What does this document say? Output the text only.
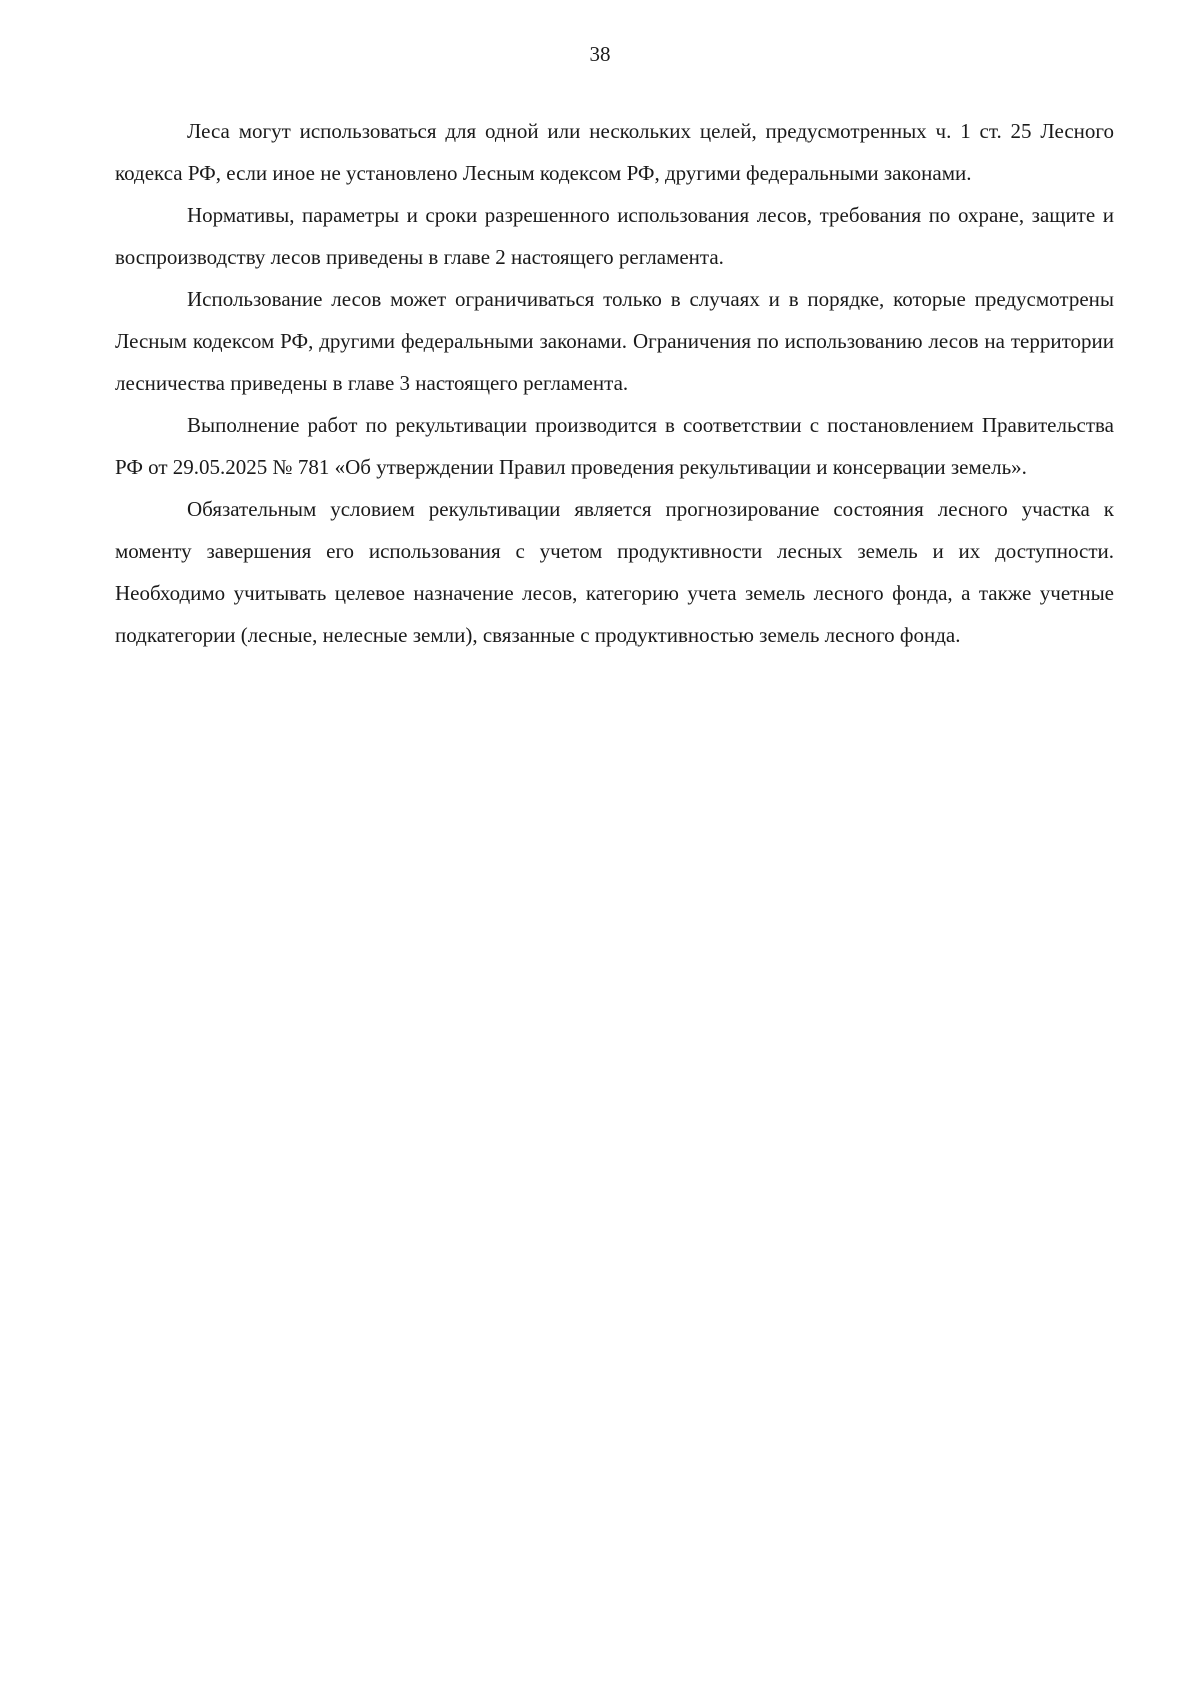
38

Леса могут использоваться для одной или нескольких целей, предусмотренных ч. 1 ст. 25 Лесного кодекса РФ, если иное не установлено Лесным кодексом РФ, другими федеральными законами.

Нормативы, параметры и сроки разрешенного использования лесов, требования по охране, защите и воспроизводству лесов приведены в главе 2 настоящего регламента.

Использование лесов может ограничиваться только в случаях и в порядке, которые предусмотрены Лесным кодексом РФ, другими федеральными законами. Ограничения по использованию лесов на территории лесничества приведены в главе 3 настоящего регламента.

Выполнение работ по рекультивации производится в соответствии с постановлением Правительства РФ от 29.05.2025 № 781 «Об утверждении Правил проведения рекультивации и консервации земель».

Обязательным условием рекультивации является прогнозирование состояния лесного участка к моменту завершения его использования с учетом продуктивности лесных земель и их доступности. Необходимо учитывать целевое назначение лесов, категорию учета земель лесного фонда, а также учетные подкатегории (лесные, нелесные земли), связанные с продуктивностью земель лесного фонда.
